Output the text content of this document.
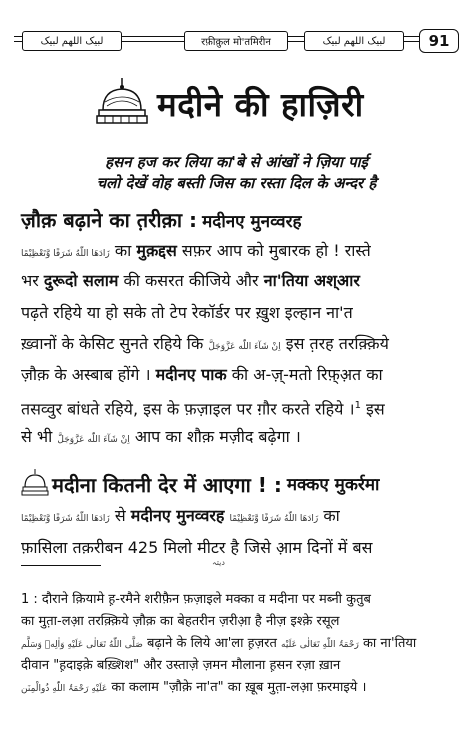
لبیک اللھم لبیک	रफ़ीक़ुल मो'तमिरीन	لبیک اللھم لبیک	91
मदीने की हाज़िरी
हसन हज कर लिया का'बे से आंखों ने ज़िया पाई
चलो देखें वोह बस्ती जिस का रस्ता दिल के अन्दर है
ज़ौक़ बढ़ाने का त़रीक़ा : मदीनए मुनव्वरह
زَادَھَا اللّٰهُ شَرَفًا وَّتَعْظِیْمًا का मुक़द्दस सफ़र आप को मुबारक हो ! रास्ते
भर दुरूदो सलाम की कसरत कीजिये और ना'तिया अश्आर
पढ़ते रहिये या हो सके तो टेप रेकॉर्डर पर ख़ुश इल्हान ना'त
ख़्वानों के केसिट सुनते रहिये कि اِنْ شَآءَ اللّٰه عَزَّوَجَلَّ इस त़रह तरक़्क़िये
ज़ौक़ के अस्बाब होंगे । मदीनए पाक की अ-ज़्-मतो रिफ़्अ़त का
तसव्वुर बांधते रहिये, इस के फ़ज़ाइल पर ग़ौर करते रहिये ।$^1$ इस
से भी اِنْ شَآءَ اللّٰه عَزَّوَجَلَّ आप का शौक़ मज़ीद बढ़ेगा ।
मदीना कितनी देर में आएगा ! : मक्कए मुकर्रमा
زَادَھَا اللّٰهُ شَرَفًا وَّتَعْظِیْمًا से मदीनए मुनव्वरह زَادَھَا اللّٰهُ شَرَفًا وَّتَعْظِیْمًا का
फ़ासिला तक़रीबन 425 मिलो मीटर है जिसे आ़म दिनों में बस
دیتہ
1 : दौराने क़ियामे ह़-रमैने शरीफ़ैन फ़ज़ाइले मक्का व मदीना पर मब्नी कुतुब
का मुत़ा-लआ़ तरक़्क़िये ज़ौक़ का बेहतरीन ज़रीआ़ है नीज़ इश्क़े रसूल
صَلَّی اللّٰهُ تَعَالٰی عَلَیْهِ وَاٰلِهٖ وَسَلَّم बढ़ाने के लिये आ'ला ह़ज़रत رَحْمَۃُ اللّٰهِ تَعَالٰی عَلَیْه का ना'तिया
दीवान "ह़दाइक़े बख़्शिश" और उस्ताज़े ज़मन मौलाना ह़सन रज़ा ख़ान
عَلَیْهِ رَحْمَۃُ اللّٰهِ ذُوالْمِنَن का कलाम "ज़ौक़े ना'त" का ख़ूब मुत़ा-लआ़ फ़रमाइये ।
